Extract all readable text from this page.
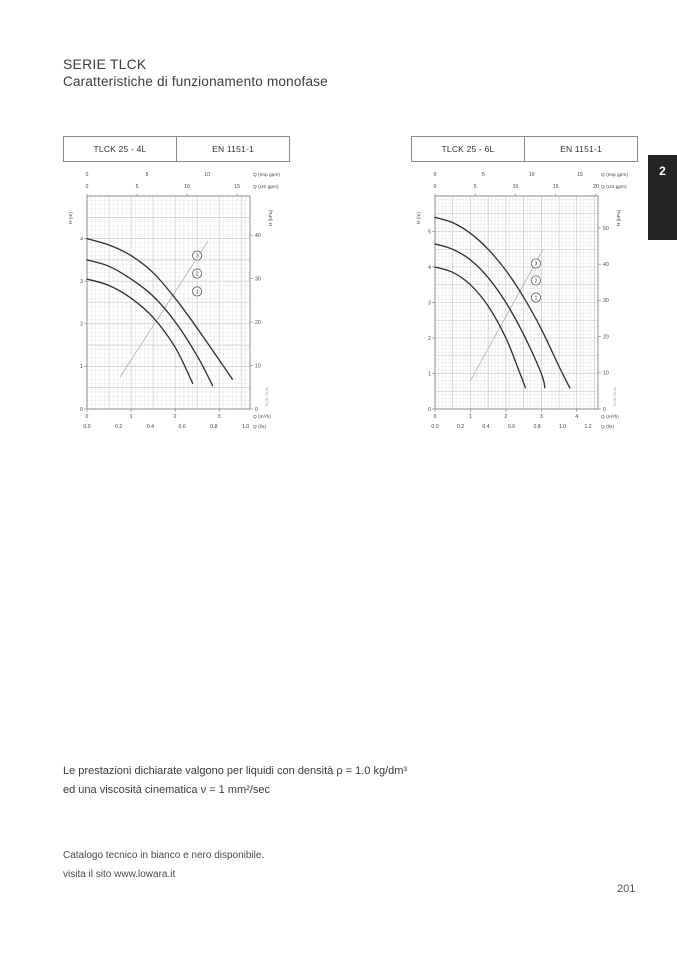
SERIE TLCK
Caratteristiche di funzionamento monofase
TLCK 25 - 4L	EN 1151-1
0	5	10	Q (Imp gpm)
0	5	10	15	Q (US gpm)
0	1	2	3	Q (m³/h)
0.0	0.2	0.4	0.6	0.8	1.0 Q (l/s)
0
1
2
3
4
0
10
20
30
40
H (m)	H (kPa)
TLCK 25-4L
3
2
1
TLCK 25 - 6L	EN 1151-1
0	5	10	15	Q (Imp gpm)
0	5	10	15	20 Q (US gpm)
0	1	2	3	4	Q (m³/h)
0.0	0.2	0.4	0.6	0.8	1.0	1.2 Q (l/s)
0
1
2
3
4
5
0
10
20
30
40
50
H (m)	H (kPa)
TLCK 25-6L
3
2
1
2
Le prestazioni dichiarate valgono per liquidi con densità ρ = 1.0 kg/dm³
ed una viscosità cinematica ν = 1 mm²/sec
Catalogo tecnico in bianco e nero disponibile.
visita il sito www.lowara.it
201
